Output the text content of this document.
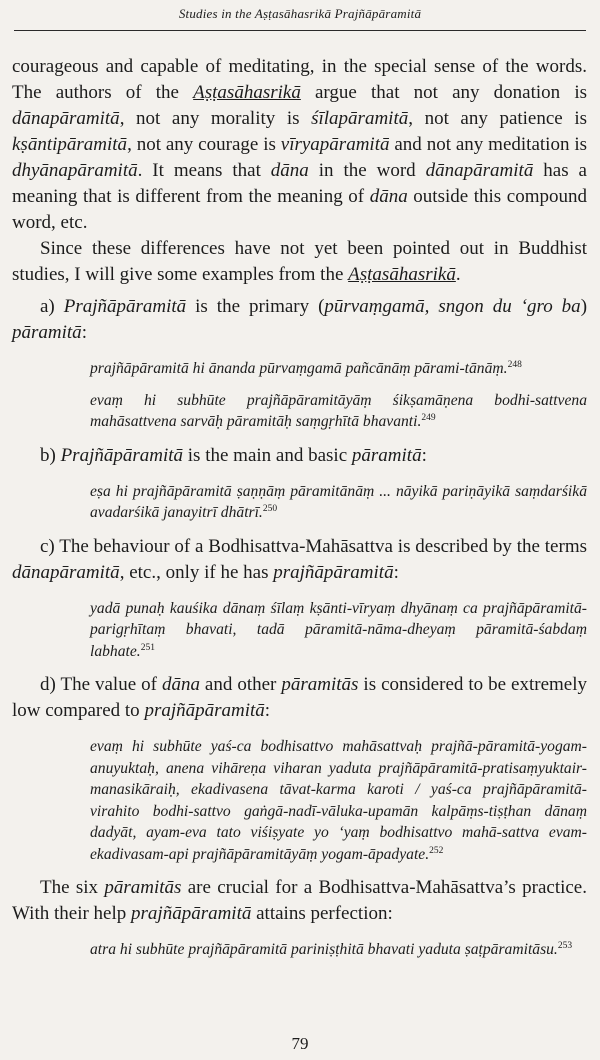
Studies in the Aṣṭasāhasrikā Prajñāpāramitā

courageous and capable of meditating, in the special sense of the words. The authors of the Aṣṭasāhasrikā argue that not any donation is dānapāramitā, not any morality is śīlapāramitā, not any patience is kṣāntipāramitā, not any courage is vīryapāramitā and not any meditation is dhyānapāramitā. It means that dāna in the word dānapāramitā has a meaning that is different from the meaning of dāna outside this compound word, etc.

Since these differences have not yet been pointed out in Buddhist studies, I will give some examples from the Aṣṭasāhasrikā.

a) Prajñāpāramitā is the primary (pūrvaṃgamā, sngon du ‘gro ba) pāramitā:

prajñāpāramitā hi ānanda pūrvaṃgamā pañcānāṃ pārami-tānāṃ.$^{248}$

evaṃ hi subhūte prajñāpāramitāyāṃ śikṣamāṇena bodhi-sattvena mahāsattvena sarvāḥ pāramitāḥ saṃgṛhītā bhavanti.$^{249}$

b) Prajñāpāramitā is the main and basic pāramitā:

eṣa hi prajñāpāramitā ṣaṇṇāṃ pāramitānāṃ ... nāyikā pariṇāyikā saṃdarśikā avadarśikā janayitrī dhātrī.$^{250}$

c) The behaviour of a Bodhisattva-Mahāsattva is described by the terms dānapāramitā, etc., only if he has prajñāpāramitā:

yadā punaḥ kauśika dānaṃ śīlaṃ kṣānti-vīryaṃ dhyānaṃ ca prajñāpāramitā-parigṛhītaṃ bhavati, tadā pāramitā-nāma-dheyaṃ pāramitā-śabdaṃ labhate.$^{251}$

d) The value of dāna and other pāramitās is considered to be extremely low compared to prajñāpāramitā:

evaṃ hi subhūte yaś-ca bodhisattvo mahāsattvaḥ prajñā-pāramitā-yogam-anuyuktaḥ, anena vihāreṇa viharan yaduta prajñāpāramitā-pratisaṃyuktair-manasikāraiḥ, ekadivasena tāvat-karma karoti / yaś-ca prajñāpāramitā-virahito bodhi-sattvo gaṅgā-nadī-vāluka-upamān kalpāṃs-tiṣṭhan dānaṃ dadyāt, ayam-eva tato viśiṣyate yo ‘yaṃ bodhisattvo mahā-sattva evam-ekadivasam-api prajñāpāramitāyāṃ yogam-āpadyate.$^{252}$

The six pāramitās are crucial for a Bodhisattva-Mahāsattva’s practice. With their help prajñāpāramitā attains perfection:

atra hi subhūte prajñāpāramitā pariniṣṭhitā bhavati yaduta ṣaṭpāramitāsu.$^{253}$

79
